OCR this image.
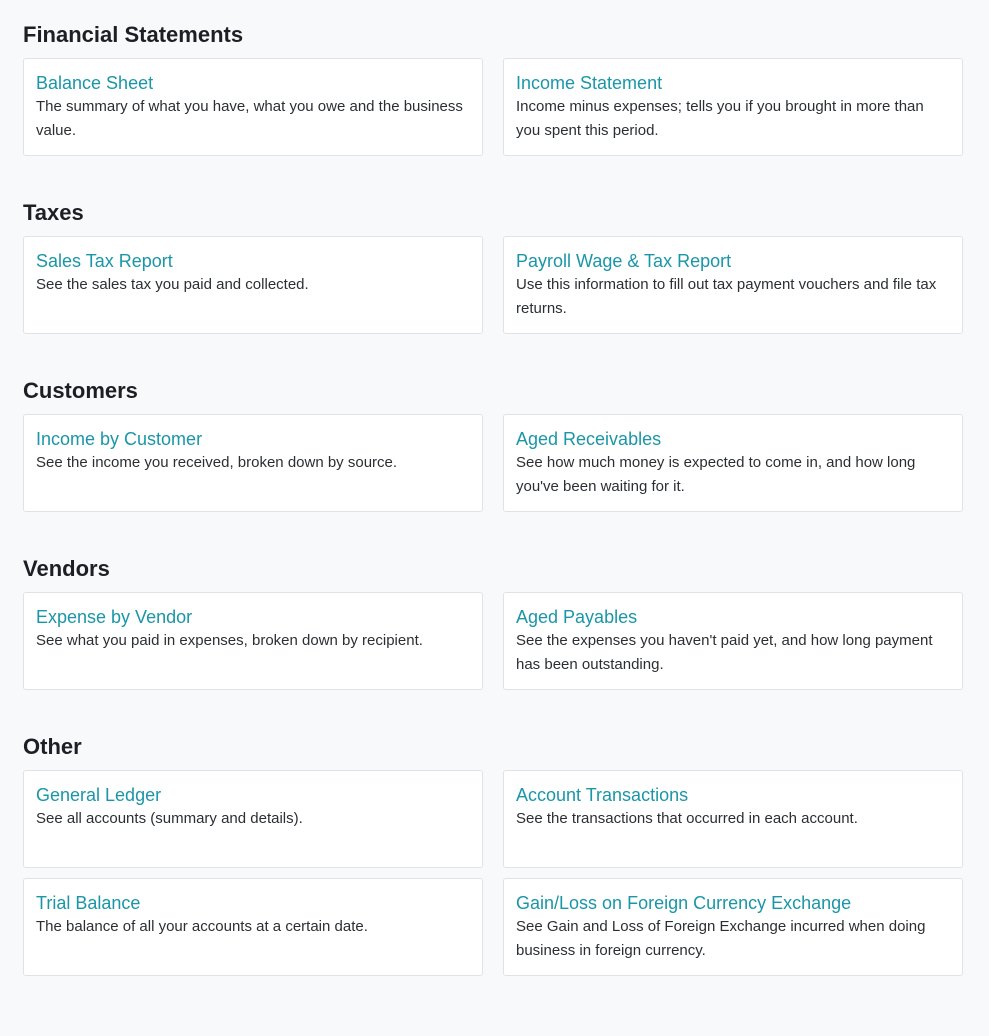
Financial Statements
Balance Sheet
The summary of what you have, what you owe and the business value.
Income Statement
Income minus expenses; tells you if you brought in more than you spent this period.
Taxes
Sales Tax Report
See the sales tax you paid and collected.
Payroll Wage & Tax Report
Use this information to fill out tax payment vouchers and file tax returns.
Customers
Income by Customer
See the income you received, broken down by source.
Aged Receivables
See how much money is expected to come in, and how long you've been waiting for it.
Vendors
Expense by Vendor
See what you paid in expenses, broken down by recipient.
Aged Payables
See the expenses you haven't paid yet, and how long payment has been outstanding.
Other
General Ledger
See all accounts (summary and details).
Account Transactions
See the transactions that occurred in each account.
Trial Balance
The balance of all your accounts at a certain date.
Gain/Loss on Foreign Currency Exchange
See Gain and Loss of Foreign Exchange incurred when doing business in foreign currency.
